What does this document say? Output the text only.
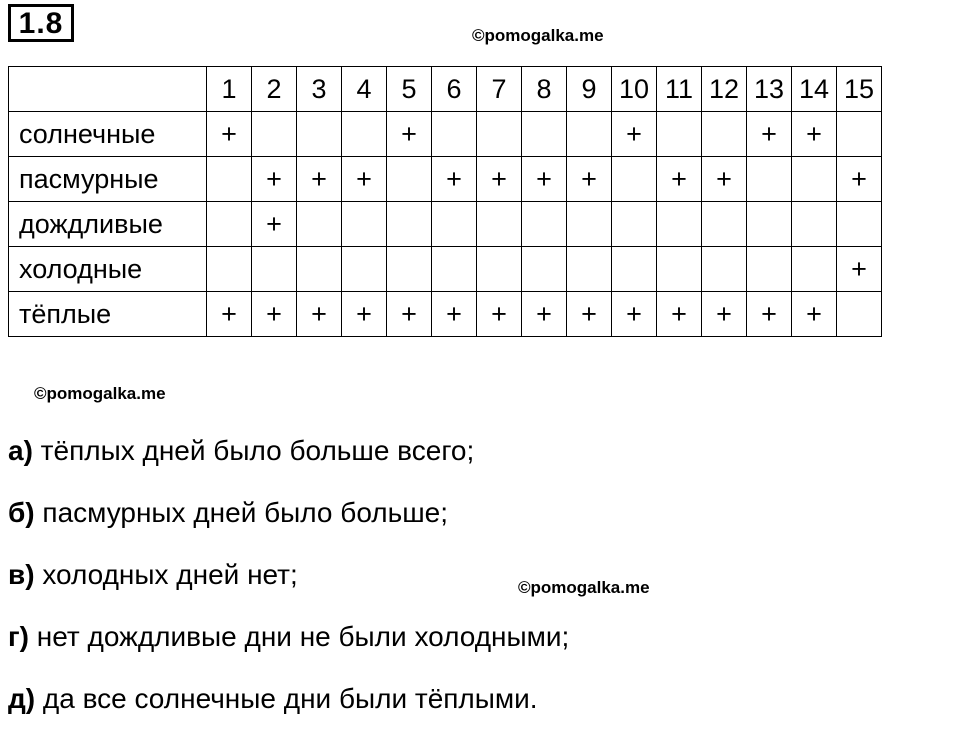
1.8	©pomogalka.me
©pomogalka.me
©pomogalka.me
	1	2	3	4	5	6	7	8	9	10	11	12	13	14	15
солнечные	+				+					+			+	+	
пасмурные		+	+	+		+	+	+	+		+	+			+
дождливые		+													
холодные															+
тёплые	+	+	+	+	+	+	+	+	+	+	+	+	+	+	
а) тёплых дней было больше всего;
б) пасмурных дней было больше;
в) холодных дней нет;
г) нет дождливые дни не были холодными;
д) да все солнечные дни были тёплыми.
